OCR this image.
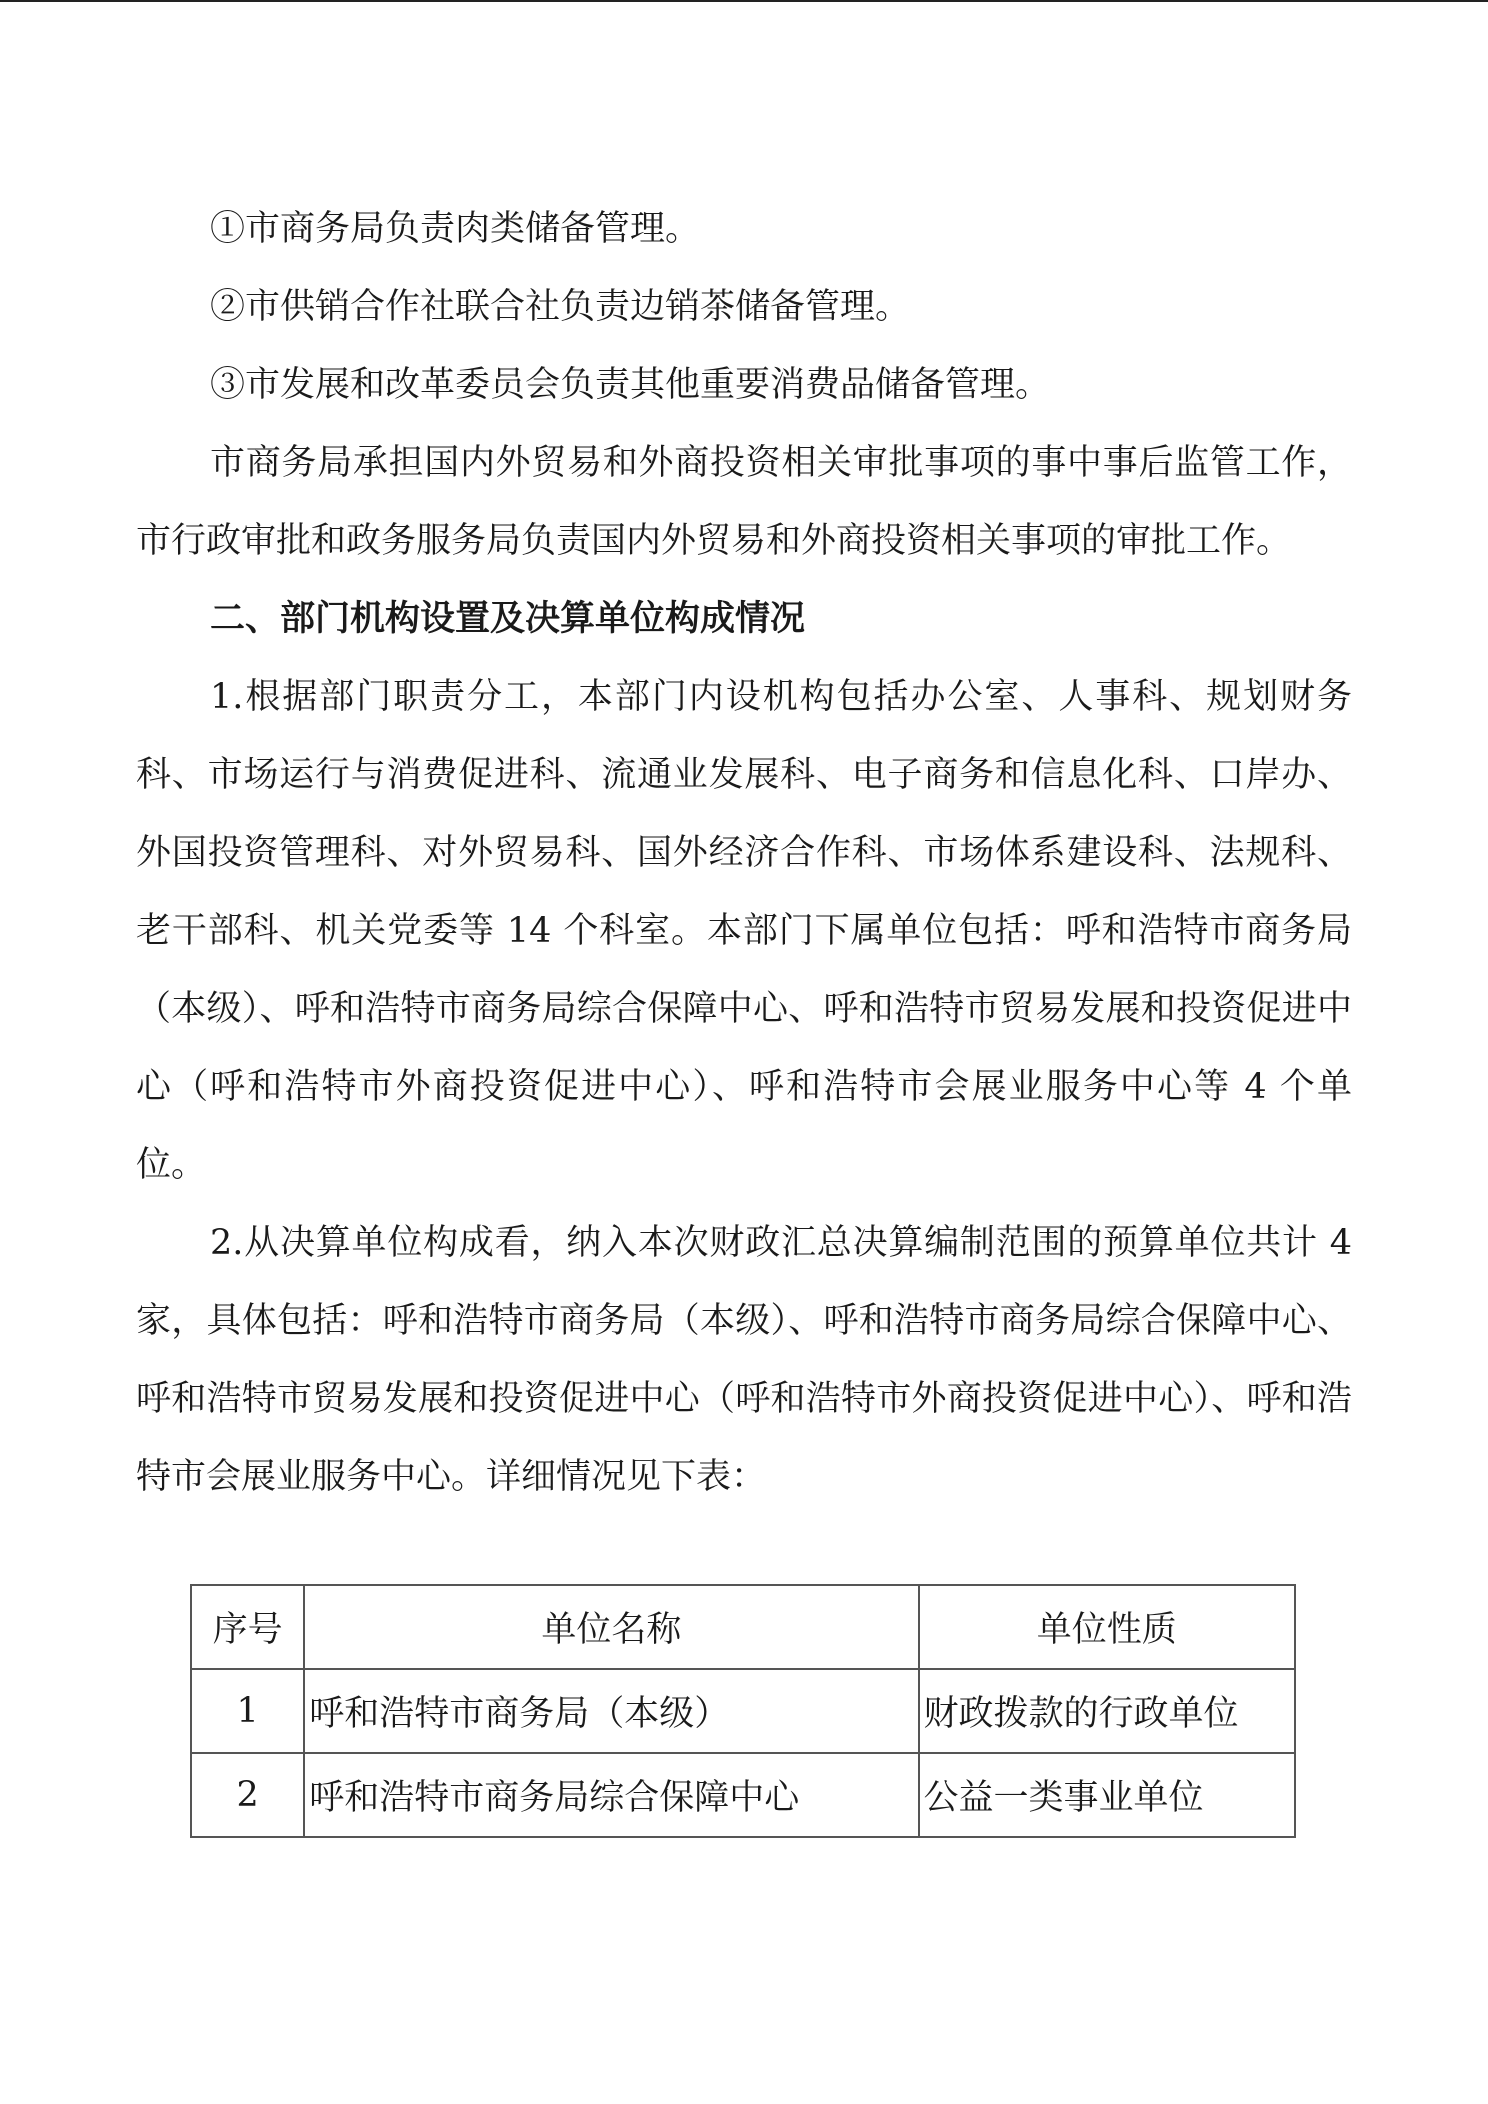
①市商务局负责肉类储备管理。

②市供销合作社联合社负责边销茶储备管理。

③市发展和改革委员会负责其他重要消费品储备管理。

市商务局承担国内外贸易和外商投资相关审批事项的事中事后监管工作，市行政审批和政务服务局负责国内外贸易和外商投资相关事项的审批工作。

二、部门机构设置及决算单位构成情况

1.根据部门职责分工，本部门内设机构包括办公室、人事科、规划财务科、市场运行与消费促进科、流通业发展科、电子商务和信息化科、口岸办、外国投资管理科、对外贸易科、国外经济合作科、市场体系建设科、法规科、老干部科、机关党委等 14 个科室。本部门下属单位包括：呼和浩特市商务局（本级）、呼和浩特市商务局综合保障中心、呼和浩特市贸易发展和投资促进中心（呼和浩特市外商投资促进中心）、呼和浩特市会展业服务中心等 4 个单位。

2.从决算单位构成看，纳入本次财政汇总决算编制范围的预算单位共计 4 家，具体包括：呼和浩特市商务局（本级）、呼和浩特市商务局综合保障中心、呼和浩特市贸易发展和投资促进中心（呼和浩特市外商投资促进中心）、呼和浩特市会展业服务中心。详细情况见下表：

序号	单位名称	单位性质
1	呼和浩特市商务局（本级）	财政拨款的行政单位
2	呼和浩特市商务局综合保障中心	公益一类事业单位
